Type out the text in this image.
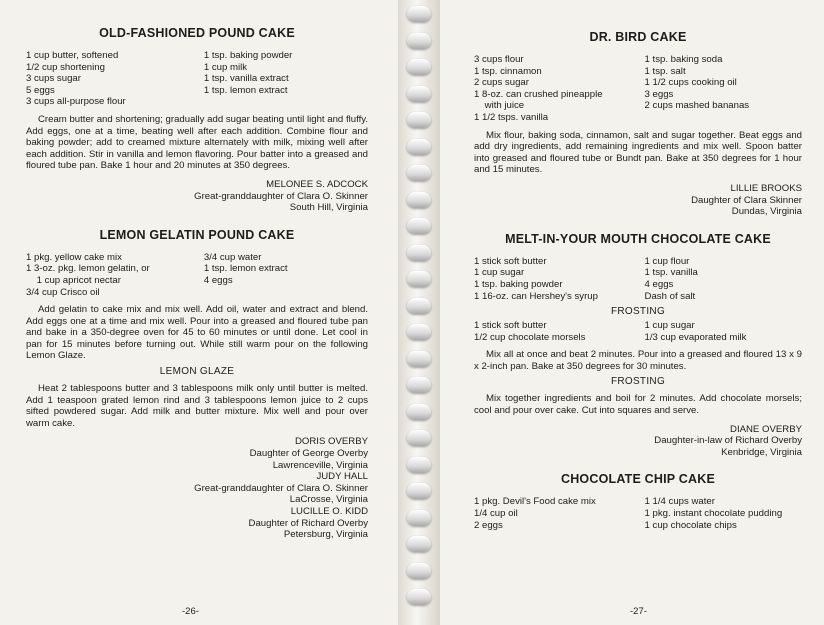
OLD-FASHIONED POUND CAKE
1 cup butter, softened
1/2 cup shortening
3 cups sugar
5 eggs
3 cups all-purpose flour
1 tsp. baking powder
1 cup milk
1 tsp. vanilla extract
1 tsp. lemon extract

Cream butter and shortening; gradually add sugar beating until light and fluffy. Add eggs, one at a time, beating well after each addition. Combine flour and baking powder; add to creamed mixture alternately with milk, mixing well after each addition. Stir in vanilla and lemon flavoring. Pour batter into a greased and floured tube pan. Bake 1 hour and 20 minutes at 350 degrees.

MELONEE S. ADCOCK
Great-granddaughter of Clara O. Skinner
South Hill, Virginia
LEMON GELATIN POUND CAKE
1 pkg. yellow cake mix
1 3-oz. pkg. lemon gelatin, or
1 cup apricot nectar
3/4 cup Crisco oil
3/4 cup water
1 tsp. lemon extract
4 eggs

Add gelatin to cake mix and mix well. Add oil, water and extract and blend. Add eggs one at a time and mix well. Pour into a greased and floured tube pan and bake in a 350-degree oven for 45 to 60 minutes or until done. Let cool in pan for 15 minutes before turning out. While still warm pour on the following Lemon Glaze.

LEMON GLAZE

Heat 2 tablespoons butter and 3 tablespoons milk only until butter is melted. Add 1 teaspoon grated lemon rind and 3 tablespoons lemon juice to 2 cups sifted powdered sugar. Add milk and butter mixture. Mix well and pour over warm cake.

DORIS OVERBY
Daughter of George Overby
Lawrenceville, Virginia
JUDY HALL
Great-granddaughter of Clara O. Skinner
LaCrosse, Virginia
LUCILLE O. KIDD
Daughter of Richard Overby
Petersburg, Virginia
-26-
DR. BIRD CAKE
3 cups flour
1 tsp. cinnamon
2 cups sugar
1 8-oz. can crushed pineapple
with juice
1 1/2 tsps. vanilla
1 tsp. baking soda
1 tsp. salt
1 1/2 cups cooking oil
3 eggs
2 cups mashed bananas

Mix flour, baking soda, cinnamon, salt and sugar together. Beat eggs and add dry ingredients, add remaining ingredients and mix well. Spoon batter into greased and floured tube or Bundt pan. Bake at 350 degrees for 1 hour and 15 minutes.

LILLIE BROOKS
Daughter of Clara Skinner
Dundas, Virginia
MELT-IN-YOUR MOUTH CHOCOLATE CAKE
1 stick soft butter
1 cup sugar
1 tsp. baking powder
1 16-oz. can Hershey's syrup
1 cup flour
1 tsp. vanilla
4 eggs
Dash of salt
FROSTING
1 stick soft butter
1/2 cup chocolate morsels
1 cup sugar
1/3 cup evaporated milk

Mix all at once and beat 2 minutes. Pour into a greased and floured 13 x 9 x 2-inch pan. Bake at 350 degrees for 30 minutes.

FROSTING

Mix together ingredients and boil for 2 minutes. Add chocolate morsels; cool and pour over cake. Cut into squares and serve.

DIANE OVERBY
Daughter-in-law of Richard Overby
Kenbridge, Virginia
CHOCOLATE CHIP CAKE
1 pkg. Devil's Food cake mix
1/4 cup oil
2 eggs
1 1/4 cups water
1 pkg. instant chocolate pudding
1 cup chocolate chips
-27-
